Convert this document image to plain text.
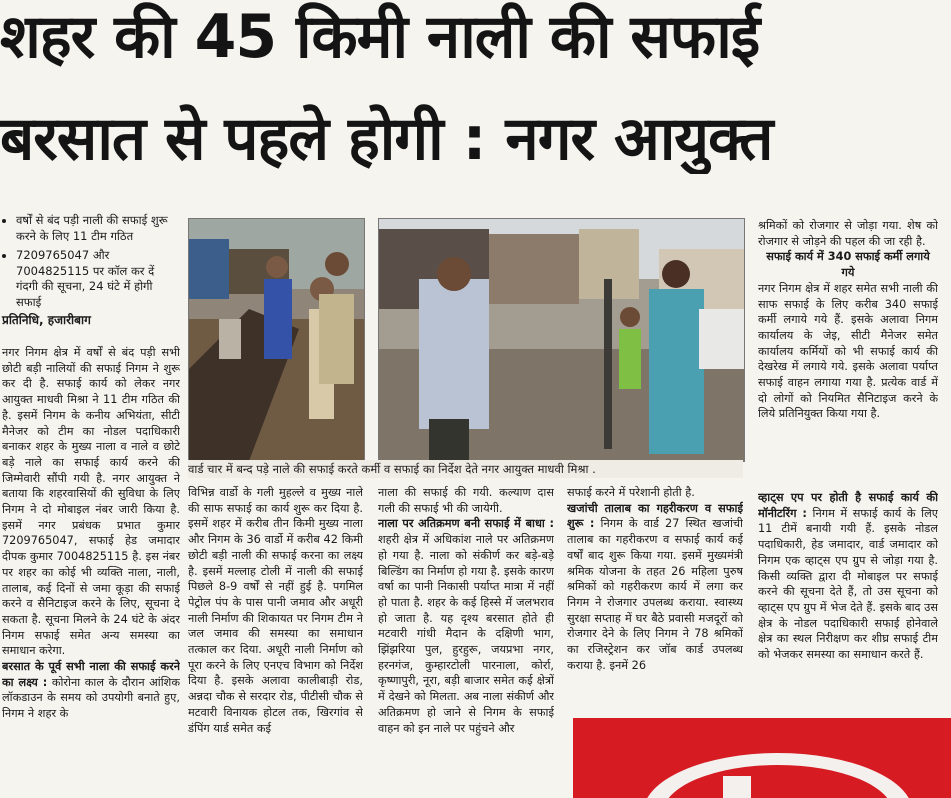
शहर की 45 किमी नाली की सफाई
बरसात से पहले होगी : नगर आयुक्त
• वर्षों से बंद पड़ी नाली की सफाई शुरू करने के लिए 11 टीम गठित
• 7209765047 और 7004825115 पर कॉल कर दें गंदगी की सूचना, 24 घंटे में होगी सफाई
प्रतिनिधि, हजारीबाग

नगर निगम क्षेत्र में वर्षों से बंद पड़ी सभी छोटी बड़ी नालियों की सफाई निगम ने शुरू कर दी है. सफाई कार्य को लेकर नगर आयुक्त माधवी मिश्रा ने 11 टीम गठित की है. इसमें निगम के कनीय अभियंता, सीटी मैनेजर को टीम का नोडल पदाधिकारी बनाकर शहर के मुख्य नाला व नाले व छोटे बड़े नाले का सफाई कार्य करने की जिम्मेवारी सौंपी गयी है. नगर आयुक्त ने बताया कि शहरवासियों की सुविधा के लिए निगम ने दो मोबाइल नंबर जारी किया है. इसमें नगर प्रबंधक प्रभात कुमार 7209765047, सफाई हेड जमादार दीपक कुमार 7004825115 है. इस नंबर पर शहर का कोई भी व्यक्ति नाला, नाली, तालाब, कई दिनों से जमा कूड़ा की सफाई करने व सैनिटाइज करने के लिए, सूचना दे सकता है. सूचना मिलने के 24 घंटे के अंदर निगम सफाई समेत अन्य समस्या का समाधान करेगा.

बरसात के पूर्व सभी नाला की सफाई करने का लक्ष्य : कोरोना काल के दौरान आंशिक लॉकडाउन के समय को उपयोगी बनाते हुए, निगम ने शहर के

वार्ड चार में बन्द पड़े नाले की सफाई करते कर्मी व सफाई का निर्देश देते नगर आयुक्त माधवी मिश्रा .

विभिन्न वार्डो के गली मुहल्ले व मुख्य नाले की साफ सफाई का कार्य शुरू कर दिया है. इसमें शहर में करीब तीन किमी मुख्य नाला और निगम के 36 वार्डो में करीब 42 किमी छोटी बड़ी नाली की सफाई करना का लक्ष्य है. इसमें मल्लाह टोली में नाली की सफाई पिछले 8-9 वर्षों से नहीं हुई है. पगमिल पेट्रोल पंप के पास पानी जमाव और अधूरी नाली निर्माण की शिकायत पर निगम टीम ने जल जमाव की समस्या का समाधान तत्काल कर दिया. अधूरी नाली निर्माण को पूरा करने के लिए एनएच विभाग को निर्देश दिया है. इसके अलावा कालीबाड़ी रोड, अन्नदा चौक से सरदार रोड, पीटीसी चौक से मटवारी विनायक होटल तक, खिरगांव से डंपिंग यार्ड समेत कई

नाला की सफाई की गयी. कल्याण दास गली की सफाई भी की जायेगी.

नाला पर अतिक्रमण बनी सफाई में बाधा : शहरी क्षेत्र में अधिकांश नाले पर अतिक्रमण हो गया है. नाला को संकीर्ण कर बड़े-बड़े बिल्डिंग का निर्माण हो गया है. इसके कारण वर्षा का पानी निकासी पर्याप्त मात्रा में नहीं हो पाता है. शहर के कई हिस्से में जलभराव हो जाता है. यह दृश्य बरसात होते ही मटवारी गांधी मैदान के दक्षिणी भाग, झिंझरिया पुल, हुरहुरू, जयप्रभा नगर, हरनगंज, कुम्हारटोली पारनाला, कोर्रा, कृष्णापुरी, नूरा, बड़ी बाजार समेत कई क्षेत्रों में देखने को मिलता. अब नाला संकीर्ण और अतिक्रमण हो जाने से निगम के सफाई वाहन को इन नाले पर पहुंचने और

सफाई करने में परेशानी होती है.

खजांची तालाब का गहरीकरण व सफाई शुरू : निगम के वार्ड 27 स्थित खजांची तालाब का गहरीकरण व सफाई कार्य कई वर्षों बाद शुरू किया गया. इसमें मुख्यमंत्री श्रमिक योजना के तहत 26 महिला पुरुष श्रमिकों को गहरीकरण कार्य में लगा कर निगम ने रोजगार उपलब्ध कराया. स्वास्थ्य सुरक्षा सप्ताह में घर बैठे प्रवासी मजदूरों को रोजगार देने के लिए निगम ने 78 श्रमिकों का रजिस्ट्रेशन कर जॉब कार्ड उपलब्ध कराया है. इनमें 26

श्रमिकों को रोजगार से जोड़ा गया. शेष को रोजगार से जोड़ने की पहल की जा रही है.

सफाई कार्य में 340 सफाई कर्मी लगाये गये

नगर निगम क्षेत्र में शहर समेत सभी नाली की साफ सफाई के लिए करीब 340 सफाई कर्मी लगाये गये हैं. इसके अलावा निगम कार्यालय के जेइ, सीटी मैनेजर समेत कार्यालय कर्मियों को भी सफाई कार्य की देखरेख में लगाये गये. इसके अलावा पर्याप्त सफाई वाहन लगाया गया है. प्रत्येक वार्ड में दो लोगों को नियमित सैनिटाइज करने के लिये प्रतिनियुक्त किया गया है.

व्हाट्स एप पर होती है सफाई कार्य की मॉनीटरिंग : निगम में सफाई कार्य के लिए 11 टीमें बनायी गयी हैं. इसके नोडल पदाधिकारी, हेड जमादार, वार्ड जमादार को निगम एक व्हाट्स एप ग्रुप से जोड़ा गया है. किसी व्यक्ति द्वारा दी मोबाइल पर सफाई करने की सूचना देते हैं, तो उस सूचना को व्हाट्स एप ग्रुप में भेज देते हैं. इसके बाद उस क्षेत्र के नोडल पदाधिकारी सफाई होनेवाले क्षेत्र का स्थल निरीक्षण कर शीघ्र सफाई टीम को भेजकर समस्या का समाधान करते हैं.
